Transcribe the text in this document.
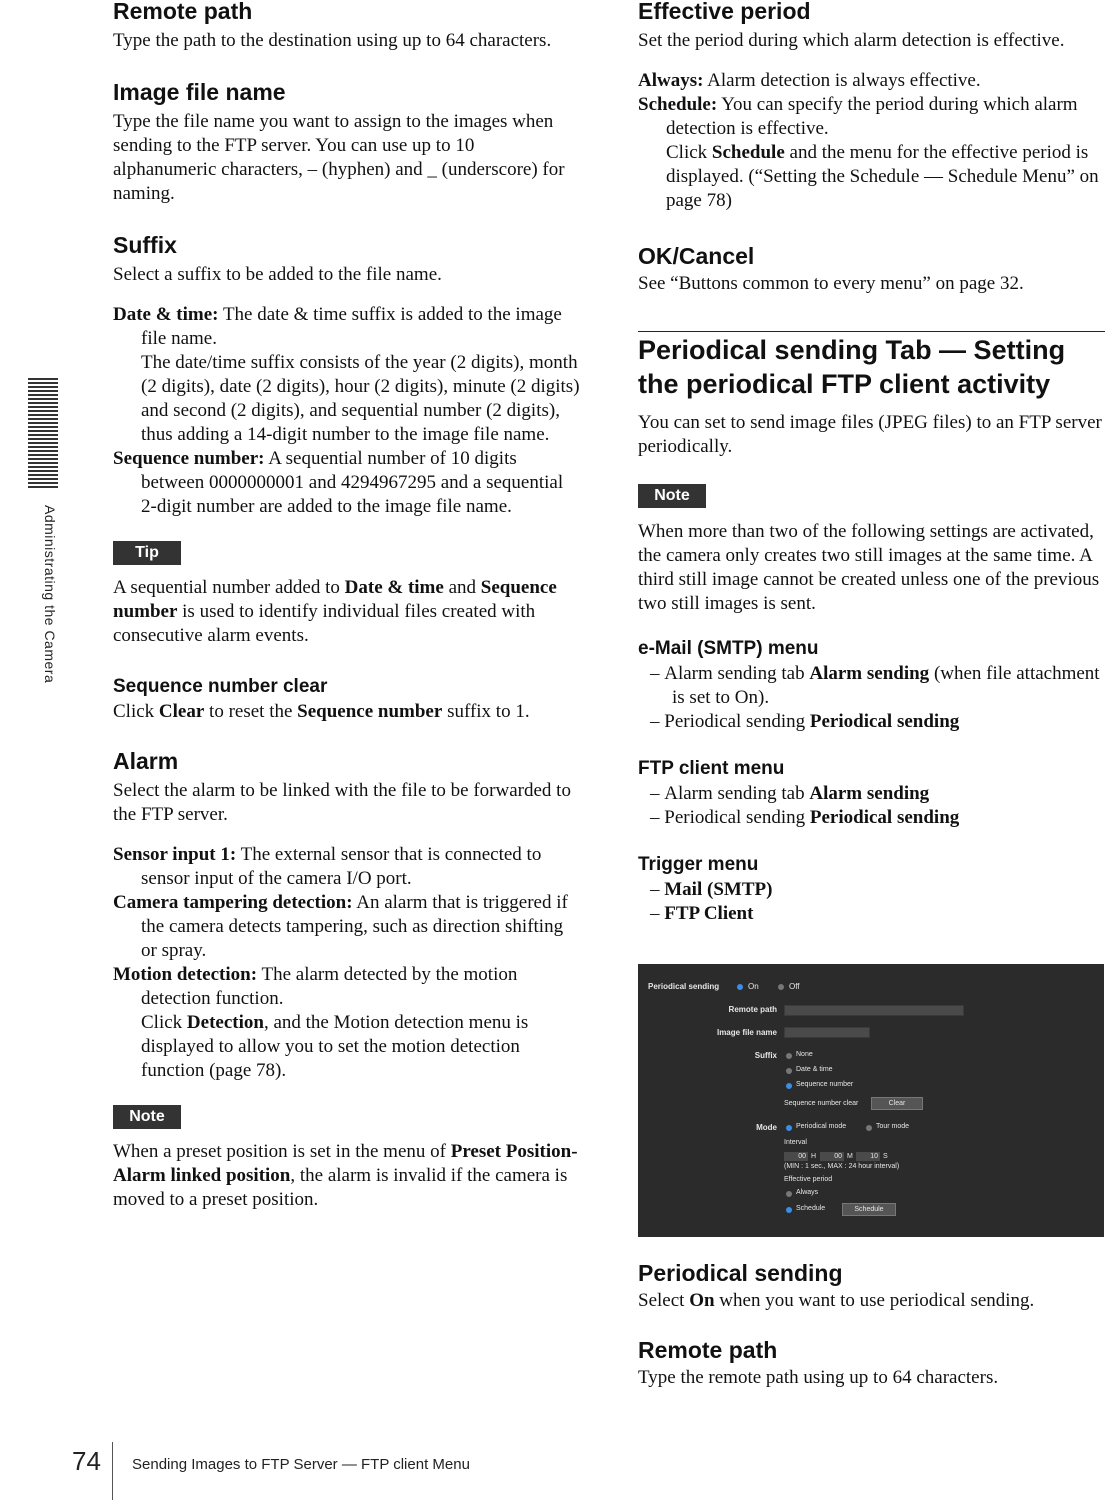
Administrating the Camera
Remote path

Type the path to the destination using up to 64 characters.

Image file name

Type the file name you want to assign to the images when sending to the FTP server. You can use up to 10 alphanumeric characters, – (hyphen) and _ (underscore) for naming.

Suffix

Select a suffix to be added to the file name.

Date & time: The date & time suffix is added to the image file name.
The date/time suffix consists of the year (2 digits), month (2 digits), date (2 digits), hour (2 digits), minute (2 digits) and second (2 digits), and sequential number (2 digits), thus adding a 14-digit number to the image file name.
Sequence number: A sequential number of 10 digits between 0000000001 and 4294967295 and a sequential 2-digit number are added to the image file name.
Tip

A sequential number added to Date & time and Sequence number is used to identify individual files created with consecutive alarm events.

Sequence number clear

Click Clear to reset the Sequence number suffix to 1.

Alarm

Select the alarm to be linked with the file to be forwarded to the FTP server.

Sensor input 1: The external sensor that is connected to sensor input of the camera I/O port.
Camera tampering detection: An alarm that is triggered if the camera detects tampering, such as direction shifting or spray.
Motion detection: The alarm detected by the motion detection function.
Click Detection, and the Motion detection menu is displayed to allow you to set the motion detection function (page 78).
Note

When a preset position is set in the menu of Preset Position-Alarm linked position, the alarm is invalid if the camera is moved to a preset position.

Effective period

Set the period during which alarm detection is effective.

Always: Alarm detection is always effective.
Schedule: You can specify the period during which alarm detection is effective.
Click Schedule and the menu for the effective period is displayed. (“Setting the Schedule — Schedule Menu” on page 78)
OK/Cancel

See “Buttons common to every menu” on page 32.

Periodical sending Tab — Setting the periodical FTP client activity

You can set to send image files (JPEG files) to an FTP server periodically.

Note

When more than two of the following settings are activated, the camera only creates two still images at the same time. A third still image cannot be created unless one of the previous two still images is sent.

e-Mail (SMTP) menu
– Alarm sending tab Alarm sending (when file attachment is set to On).
– Periodical sending Periodical sending
FTP client menu
– Alarm sending tab Alarm sending
– Periodical sending Periodical sending
Trigger menu
– Mail (SMTP)
– FTP Client
Periodical sending	On	Off
Remote path
Image file name
Suffix	None
Date & time
Sequence number
Sequence number clear	Clear
Mode	Periodical mode	Tour mode
Interval
00 H	00 M	10 S
(MIN : 1 sec., MAX : 24 hour interval)
Effective period
Always
Schedule	Schedule
Periodical sending

Select On when you want to use periodical sending.

Remote path

Type the remote path using up to 64 characters.

74 Sending Images to FTP Server — FTP client Menu
